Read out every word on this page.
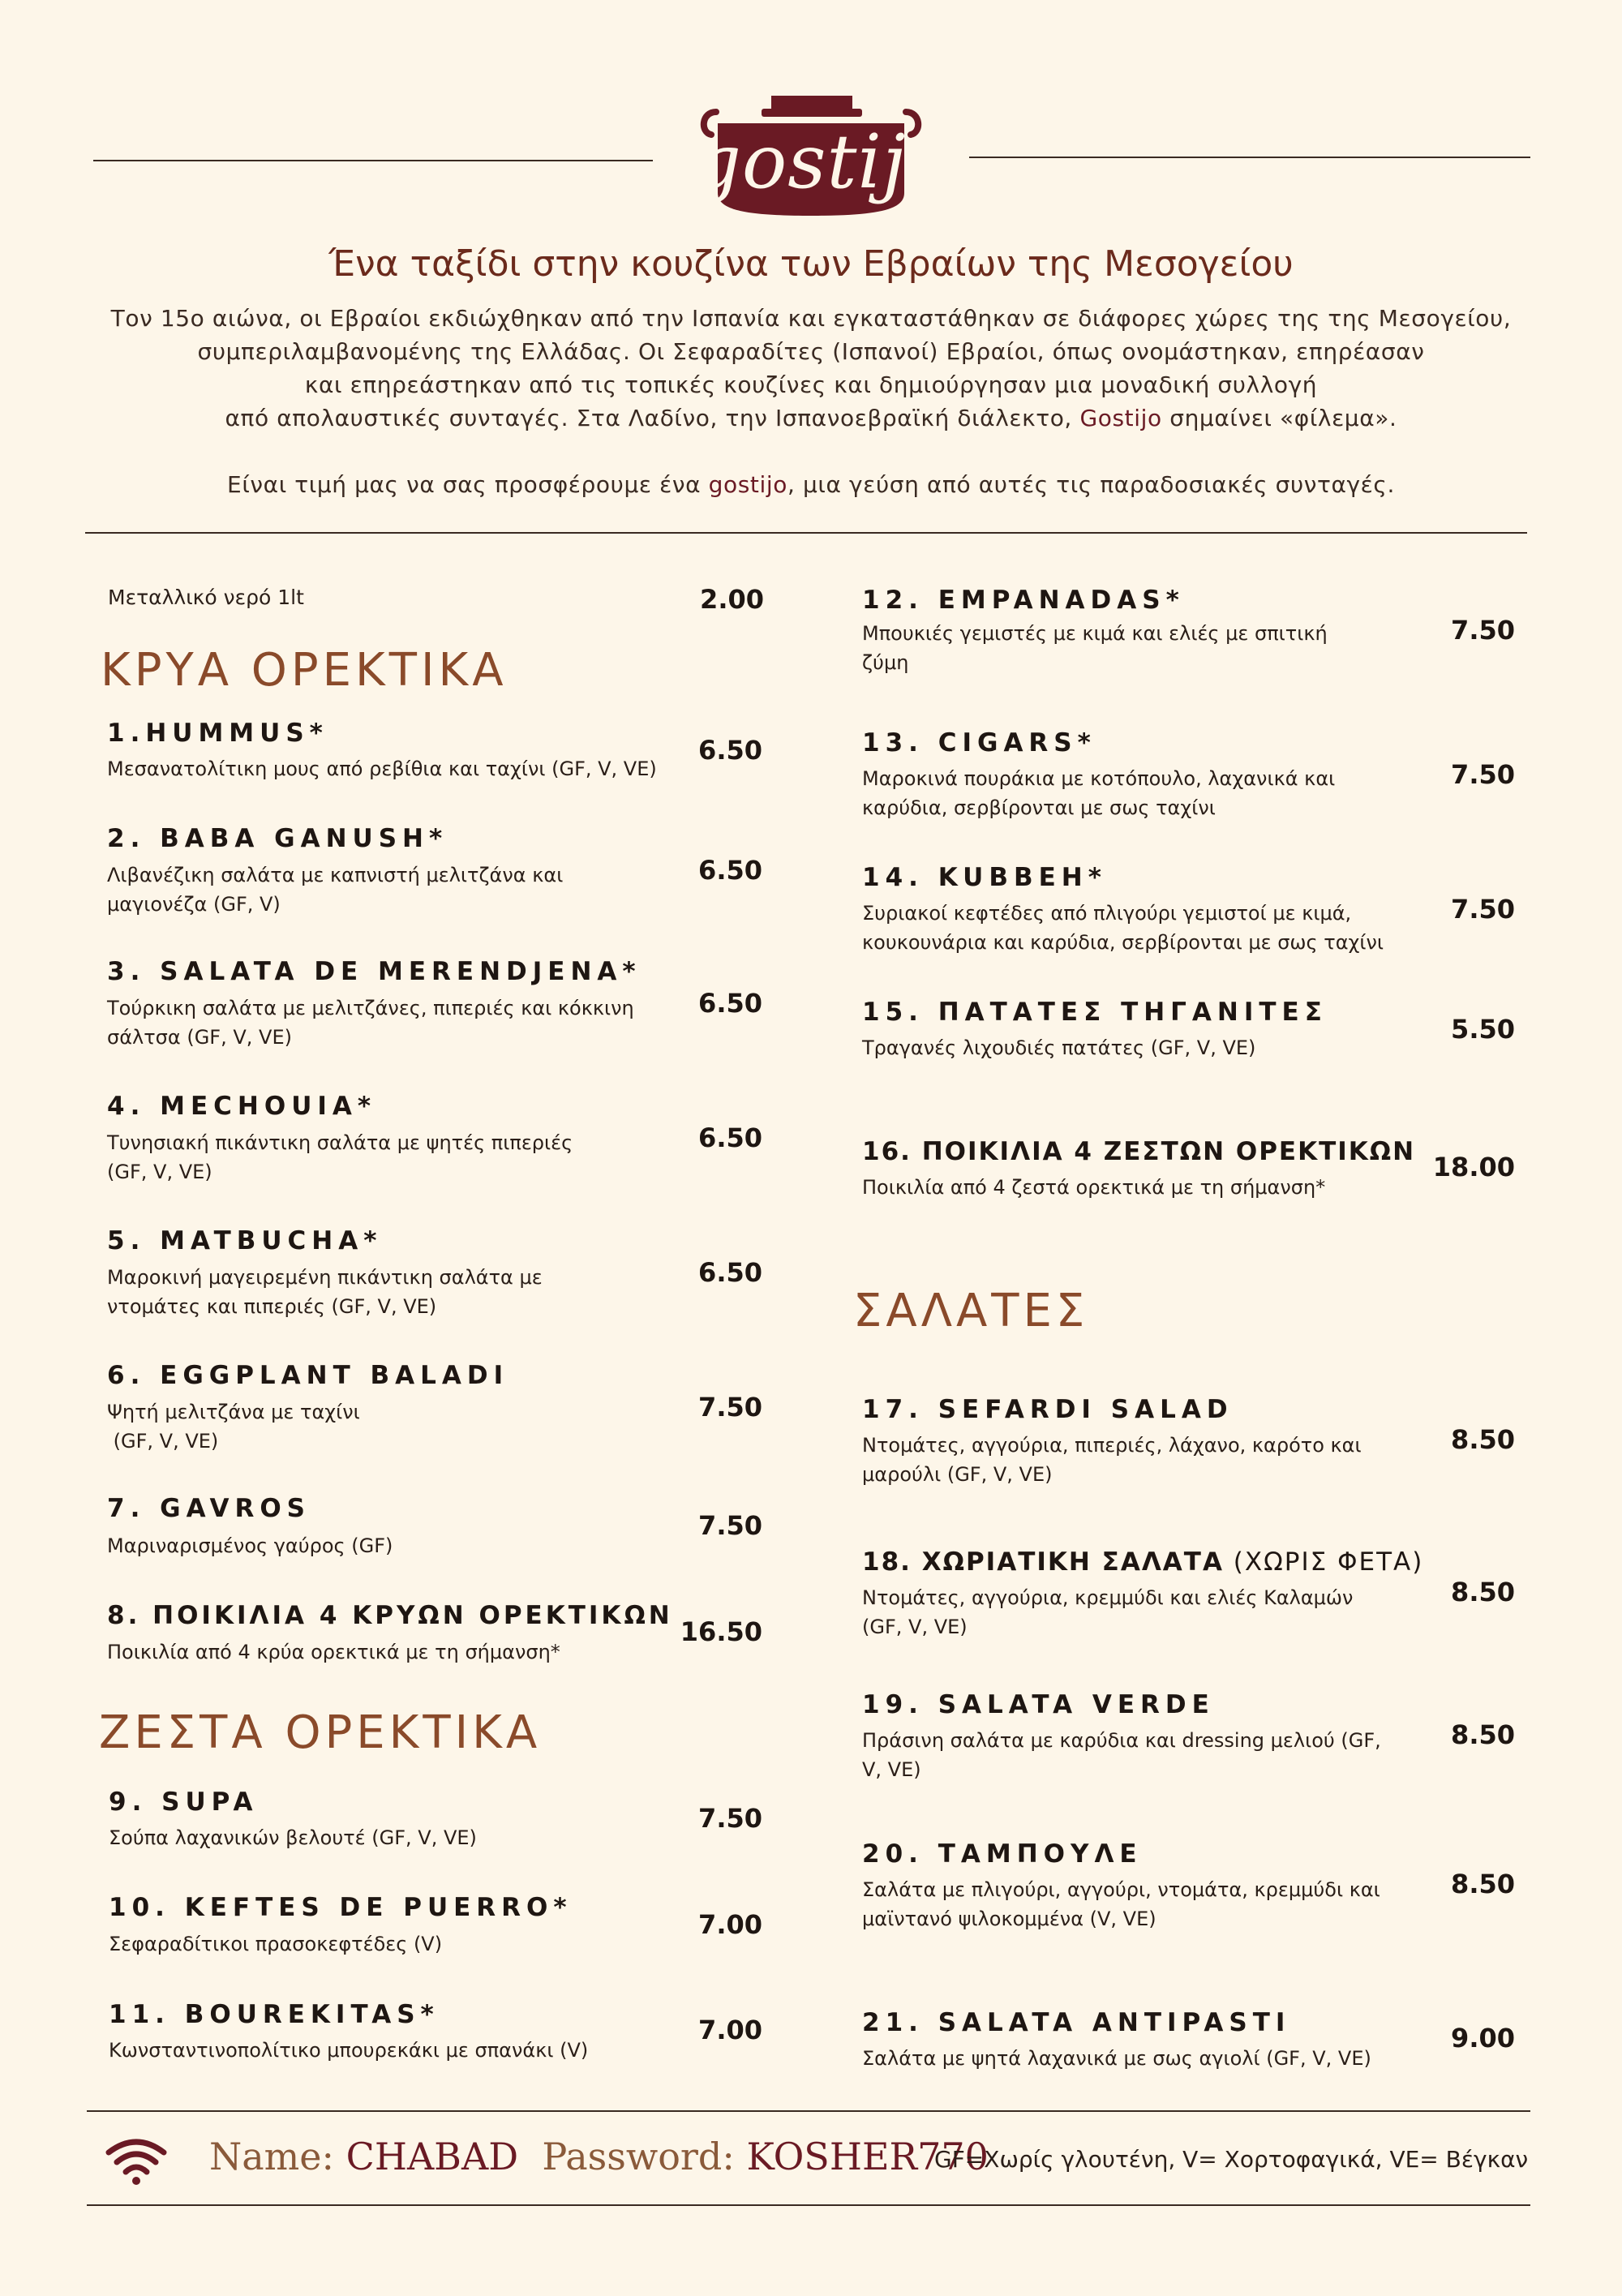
gostijo
Ένα ταξίδι στην κουζίνα των Εβραίων της Μεσογείου

Τον 15ο αιώνα, οι Εβραίοι εκδιώχθηκαν από την Ισπανία και εγκαταστάθηκαν σε διάφορες χώρες της της Μεσογείου,

συμπεριλαμβανομένης της Ελλάδας. Οι Σεφαραδίτες (Ισπανοί) Εβραίοι, όπως ονομάστηκαν, επηρέασαν

και επηρεάστηκαν από τις τοπικές κουζίνες και δημιούργησαν μια μοναδική συλλογή

από απολαυστικές συνταγές. Στα Λαδίνο, την Ισπανοεβραϊκή διάλεκτο, Gostijo σημαίνει «φίλεμα».

Είναι τιμή μας να σας προσφέρουμε ένα gostijo, μια γεύση από αυτές τις παραδοσιακές συνταγές.

Μεταλλικό νερό 1lt	2.00
ΚΡΥΑ ΟΡΕΚΤΙΚΑ
ΖΕΣΤΑ ΟΡΕΚΤΙΚΑ
ΣΑΛΑΤΕΣ
1.HUMMUS*
Μεσανατολίτικη μους από ρεβίθια και ταχίνι (GF, V, VE)
6.50
2. BABA GANUSH*
Λιβανέζικη σαλάτα με καπνιστή μελιτζάνα και
μαγιονέζα (GF, V)
6.50
3. SALATA DE MERENDJENA*
Τούρκικη σαλάτα με μελιτζάνες, πιπεριές και κόκκινη
σάλτσα (GF, V, VE)
6.50
4. MECHOUIA*
Τυνησιακή πικάντικη σαλάτα με ψητές πιπεριές
(GF, V, VE)
6.50
5. MATBUCHA*
Μαροκινή μαγειρεμένη πικάντικη σαλάτα με
ντομάτες και πιπεριές (GF, V, VE)
6.50
6. EGGPLANT BALADI
Ψητή μελιτζάνα με ταχίνι
(GF, V, VE)
7.50
7. GAVROS
Μαριναρισμένος γαύρος (GF)
7.50
8. ΠΟΙΚΙΛΙΑ 4 ΚΡΥΩΝ ΟΡΕΚΤΙΚΩΝ
Ποικιλία από 4 κρύα ορεκτικά με τη σήμανση*
16.50
9. SUPA
Σούπα λαχανικών βελουτέ (GF, V, VE)
7.50
10. KEFTES DE PUERRO*
Σεφαραδίτικοι πρασοκεφτέδες (V)
7.00
11. BOUREKITAS*
Κωνσταντινοπολίτικο μπουρεκάκι με σπανάκι (V)
7.00
12. EMPANADAS*
Μπουκιές γεμιστές με κιμά και ελιές με σπιτική
ζύμη
7.50
13. CIGARS*
Μαροκινά πουράκια με κοτόπουλο, λαχανικά και
καρύδια, σερβίρονται με σως ταχίνι
7.50
14. KUBBEH*
Συριακοί κεφτέδες από πλιγούρι γεμιστοί με κιμά,
κουκουνάρια και καρύδια, σερβίρονται με σως ταχίνι
7.50
15. ΠΑΤΑΤΕΣ ΤΗΓΑΝΙΤΕΣ
Τραγανές λιχουδιές πατάτες (GF, V, VE)
5.50
16. ΠΟΙΚΙΛΙΑ 4 ΖΕΣΤΩΝ ΟΡΕΚΤΙΚΩΝ
Ποικιλία από 4 ζεστά ορεκτικά με τη σήμανση*
18.00
17. SEFARDI SALAD
Ντομάτες, αγγούρια, πιπεριές, λάχανο, καρότο και
μαρούλι (GF, V, VE)
8.50
18. ΧΩΡΙΑΤΙΚΗ ΣΑΛΑΤΑ (ΧΩΡΙΣ ΦΕΤΑ)
Ντομάτες, αγγούρια, κρεμμύδι και ελιές Καλαμών
(GF, V, VE)
8.50
19. SALATA VERDE
Πράσινη σαλάτα με καρύδια και dressing μελιού (GF,
V, VE)
8.50
20. ΤΑΜΠΟΥΛΕ
Σαλάτα με πλιγούρι, αγγούρι, ντομάτα, κρεμμύδι και
μαϊντανό ψιλοκομμένα (V, VE)
8.50
21. SALATA ANTIPASTI
Σαλάτα με ψητά λαχανικά με σως αγιολί (GF, V, VE)
9.00
Name: CHABAD  Password: KOSHER770
GF=Χωρίς γλουτένη, V= Χορτοφαγικά, VE= Βέγκαν
